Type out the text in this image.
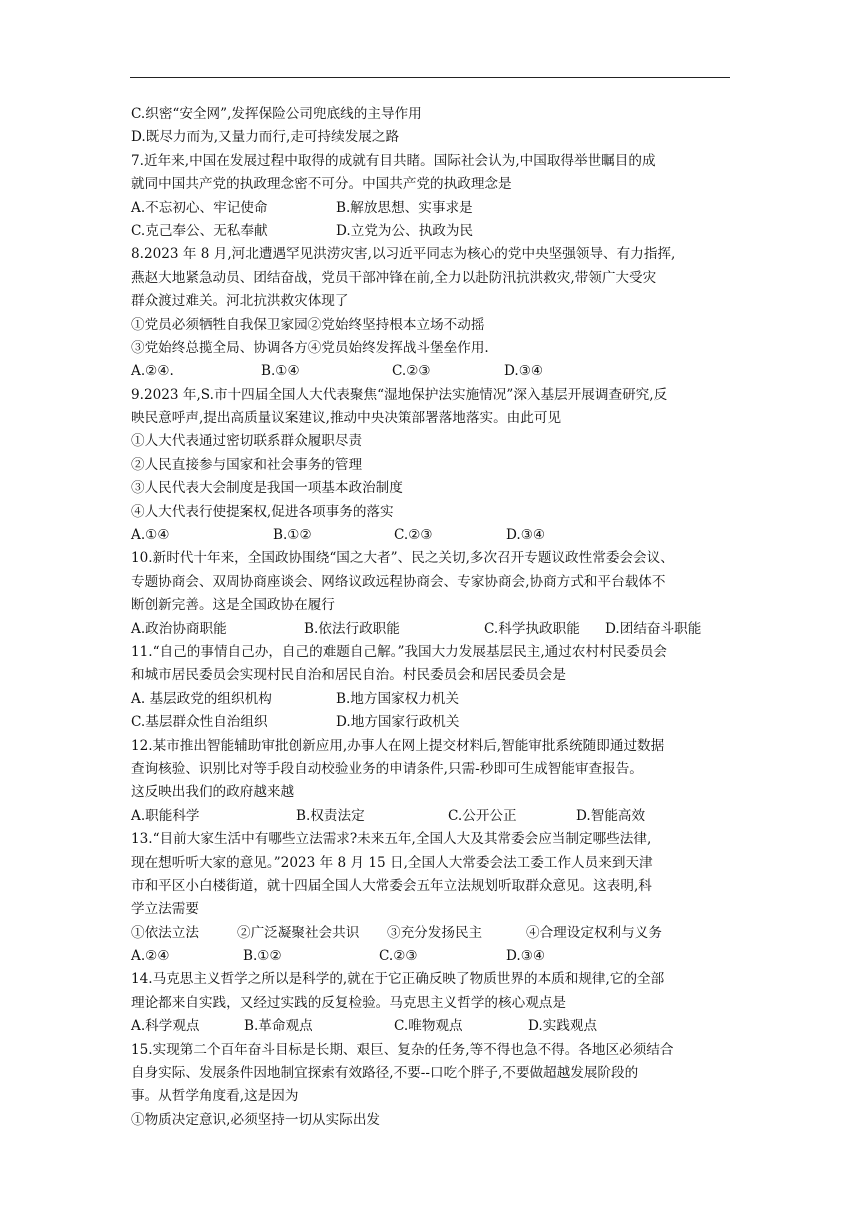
C.织密“安全网”,发挥保险公司兜底线的主导作用
D.既尽力而为,又量力而行,走可持续发展之路
7.近年来,中国在发展过程中取得的成就有目共睹。国际社会认为,中国取得举世瞩目的成
就同中国共产党的执政理念密不可分。中国共产党的执政理念是
A.不忘初心、牢记使命	B.解放思想、实事求是
C.克己奉公、无私奉献	D.立党为公、执政为民
8.2023 年 8 月,河北遭遇罕见洪涝灾害,以习近平同志为核心的党中央坚强领导、有力指挥,
燕赵大地紧急动员、团结奋战，党员干部冲锋在前,全力以赴防汛抗洪救灾,带领广大受灾
群众渡过难关。河北抗洪救灾体现了
①党员必须牺牲自我保卫家园②党始终坚持根本立场不动摇
③党始终总揽全局、协调各方④党员始终发挥战斗堡垒作用.
A.②④.	B.①④	C.②③	D.③④
9.2023 年,S.市十四届全国人大代表聚焦“湿地保护法实施情况”深入基层开展调查研究,反
映民意呼声,提出高质量议案建议,推动中央决策部署落地落实。由此可见
①人大代表通过密切联系群众履职尽责
②人民直接参与国家和社会事务的管理
③人民代表大会制度是我国一项基本政治制度
④人大代表行使提案权,促进各项事务的落实
A.①④	B.①②	C.②③	D.③④
10.新时代十年来，全国政协围绕“国之大者”、民之关切,多次召开专题议政性常委会会议、
专题协商会、双周协商座谈会、网络议政远程协商会、专家协商会,协商方式和平台载体不
断创新完善。这是全国政协在履行
A.政治协商职能	B.依法行政职能	C.科学执政职能 D.团结奋斗职能
11.“自己的事情自己办，自己的难题自己解。”我国大力发展基层民主,通过农村村民委员会
和城市居民委员会实现村民自治和居民自治。村民委员会和居民委员会是
A. 基层政党的组织机构	B.地方国家权力机关
C.基层群众性自治组织	D.地方国家行政机关
12.某市推出智能辅助审批创新应用,办事人在网上提交材料后,智能审批系统随即通过数据
查询核验、识别比对等手段自动校验业务的申请条件,只需-秒即可生成智能审查报告。
这反映出我们的政府越来越
A.职能科学	B.权责法定	C.公开公正	D.智能高效
13.“目前大家生活中有哪些立法需求?未来五年,全国人大及其常委会应当制定哪些法律,
现在想听听大家的意见。”2023 年 8 月 15 日,全国人大常委会法工委工作人员来到天津
市和平区小白楼街道，就十四届全国人大常委会五年立法规划听取群众意见。这表明,科
学立法需要
①依法立法	②广泛凝聚社会共识 ③充分发扬民主	④合理设定权利与义务
A.②④	B.①②	C.②③	D.③④
14.马克思主义哲学之所以是科学的,就在于它正确反映了物质世界的本质和规律,它的全部
理论都来自实践，又经过实践的反复检验。马克思主义哲学的核心观点是
A.科学观点	B.革命观点	C.唯物观点	D.实践观点
15.实现第二个百年奋斗目标是长期、艰巨、复杂的任务,等不得也急不得。各地区必须结合
自身实际、发展条件因地制宜探索有效路径,不要--口吃个胖子,不要做超越发展阶段的
事。从哲学角度看,这是因为
①物质决定意识,必须坚持一切从实际出发
